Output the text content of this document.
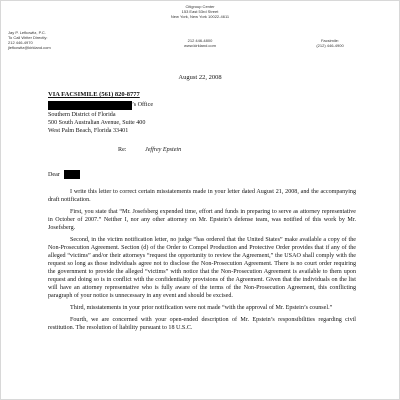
Citigroup Center
153 East 53rd Street
New York, New York 10022-4611
Jay P. Lefkowitz, P.C.
To Call Writer Directly:
212 446-4970
jlefkowitz@kirkland.com
212 446-4800
www.kirkland.com
Facsimile:
(212) 446-4900
August 22, 2008
VIA FACSIMILE (561) 820-8777
’s Office
Southern District of Florida
500 South Australian Avenue, Suite 400
West Palm Beach, Florida 33401
Re:	Jeffrey Epstein
Dear

I write this letter to correct certain misstatements made in your letter dated August 21, 2008, and the accompanying draft notification.

First, you state that “Mr. Josefsberg expended time, effort and funds in preparing to serve as attorney representative in October of 2007.” Neither I, nor any other attorney on Mr. Epstein’s defense team, was notified of this work by Mr. Josefsberg.

Second, in the victim notification letter, no judge “has ordered that the United States” make available a copy of the Non-Prosecution Agreement. Section (d) of the Order to Compel Production and Protective Order provides that if any of the alleged “victims” and/or their attorneys “request the opportunity to review the Agreement,” the USAO shall comply with the request so long as those individuals agree not to disclose the Non-Prosecution Agreement. There is no court order requiring the government to provide the alleged “victims” with notice that the Non-Prosecution Agreement is available to them upon request and doing so is in conflict with the confidentiality provisions of the Agreement. Given that the individuals on the list will have an attorney representative who is fully aware of the terms of the Non-Prosecution Agreement, this conflicting paragraph of your notice is unnecessary in any event and should be excised.

Third, misstatements in your prior notification were not made “with the approval of Mr. Epstein’s counsel.”

Fourth, we are concerned with your open-ended description of Mr. Epstein’s responsibilities regarding civil restitution. The resolution of liability pursuant to 18 U.S.C.
